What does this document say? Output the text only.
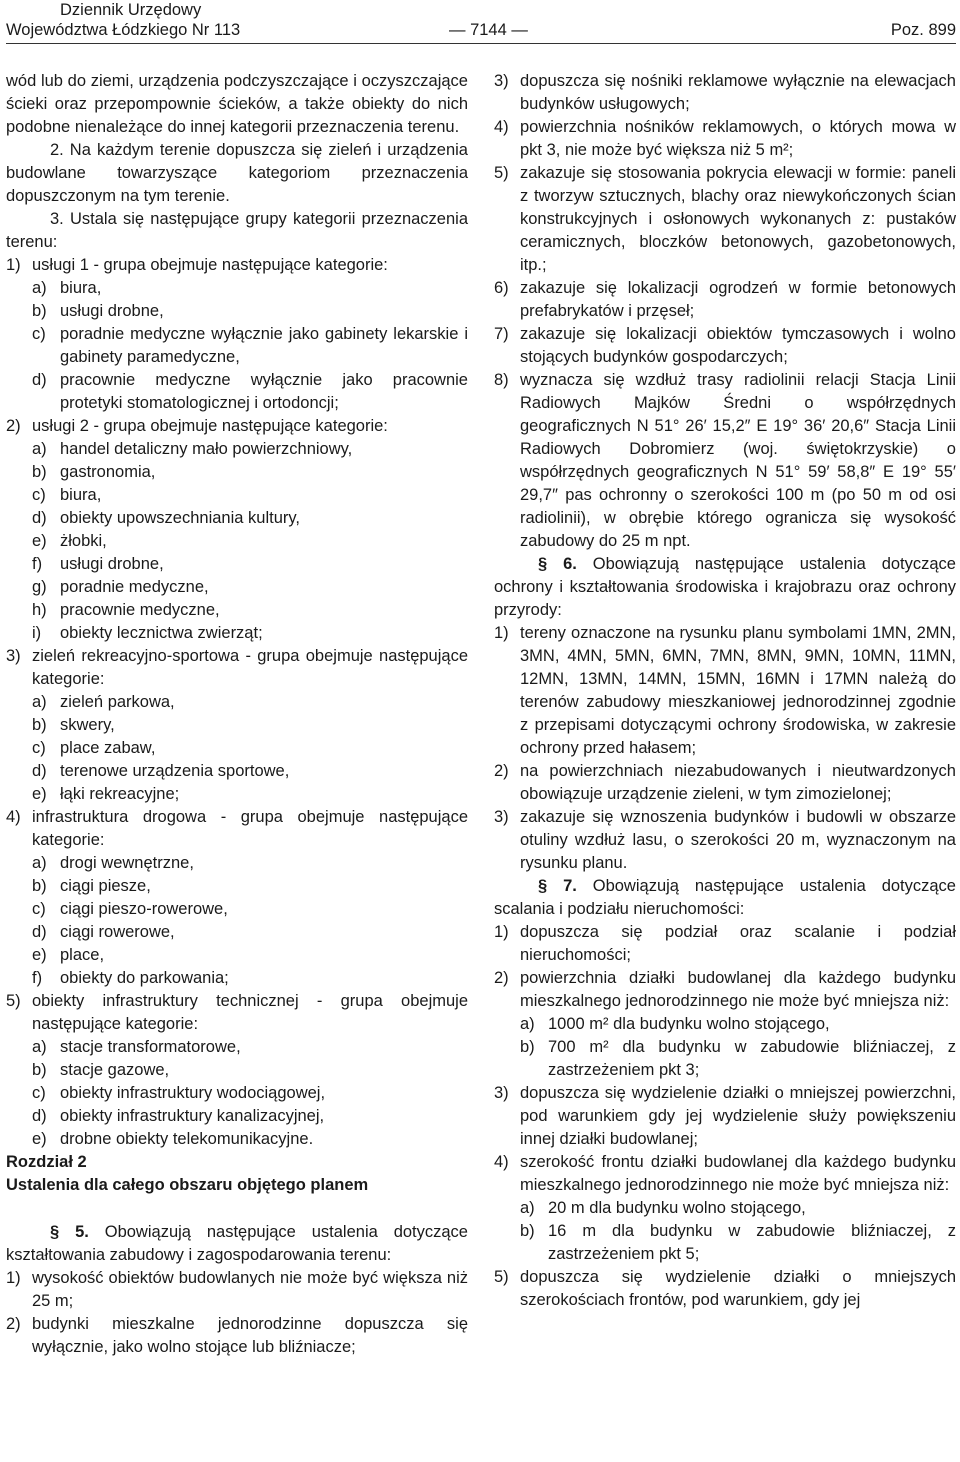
Dziennik Urzędowy
Województwa Łódzkiego Nr 113	— 7144 —	Poz. 899

wód lub do ziemi, urządzenia podczyszczające i oczyszczające ścieki oraz przepompownie ścieków, a także obiekty do nich podobne nienależące do innej kategorii przeznaczenia terenu.

2. Na każdym terenie dopuszcza się zieleń i urządzenia budowlane towarzyszące kategoriom przeznaczenia dopuszczonym na tym terenie.

3. Ustala się następujące grupy kategorii przeznaczenia terenu:

1) usługi 1 - grupa obejmuje następujące kategorie:
a) biura,
b) usługi drobne,
c) poradnie medyczne wyłącznie jako gabinety lekarskie i gabinety paramedyczne,
d) pracownie medyczne wyłącznie jako pracownie protetyki stomatologicznej i ortodoncji;
2) usługi 2 - grupa obejmuje następujące kategorie:
a) handel detaliczny mało powierzchniowy,
b) gastronomia,
c) biura,
d) obiekty upowszechniania kultury,
e) żłobki,
f) usługi drobne,
g) poradnie medyczne,
h) pracownie medyczne,
i) obiekty lecznictwa zwierząt;
3) zieleń rekreacyjno-sportowa - grupa obejmuje następujące kategorie:
a) zieleń parkowa,
b) skwery,
c) place zabaw,
d) terenowe urządzenia sportowe,
e) łąki rekreacyjne;
4) infrastruktura drogowa - grupa obejmuje następujące kategorie:
a) drogi wewnętrzne,
b) ciągi piesze,
c) ciągi pieszo-rowerowe,
d) ciągi rowerowe,
e) place,
f) obiekty do parkowania;
5) obiekty infrastruktury technicznej - grupa obejmuje następujące kategorie:
a) stacje transformatorowe,
b) stacje gazowe,
c) obiekty infrastruktury wodociągowej,
d) obiekty infrastruktury kanalizacyjnej,
e) drobne obiekty telekomunikacyjne.

Rozdział 2

Ustalenia dla całego obszaru objętego planem

§ 5. Obowiązują następujące ustalenia dotyczące kształtowania zabudowy i zagospodarowania terenu:

1) wysokość obiektów budowlanych nie może być większa niż 25 m;
2) budynki mieszkalne jednorodzinne dopuszcza się wyłącznie, jako wolno stojące lub bliźniacze;
3) dopuszcza się nośniki reklamowe wyłącznie na elewacjach budynków usługowych;
4) powierzchnia nośników reklamowych, o których mowa w pkt 3, nie może być większa niż 5 m²;
5) zakazuje się stosowania pokrycia elewacji w formie: paneli z tworzyw sztucznych, blachy oraz niewykończonych ścian konstrukcyjnych i osłonowych wykonanych z: pustaków ceramicznych, bloczków betonowych, gazobetonowych, itp.;
6) zakazuje się lokalizacji ogrodzeń w formie betonowych prefabrykatów i przęseł;
7) zakazuje się lokalizacji obiektów tymczasowych i wolno stojących budynków gospodarczych;
8) wyznacza się wzdłuż trasy radiolinii relacji Stacja Linii Radiowych Majków Średni o współrzędnych geograficznych N 51° 26′ 15,2″ E 19° 36′ 20,6″ Stacja Linii Radiowych Dobromierz (woj. świętokrzyskie) o współrzędnych geograficznych N 51° 59′ 58,8″ E 19° 55′ 29,7″ pas ochronny o szerokości 100 m (po 50 m od osi radiolinii), w obrębie którego ogranicza się wysokość zabudowy do 25 m npt.

§ 6. Obowiązują następujące ustalenia dotyczące ochrony i kształtowania środowiska i krajobrazu oraz ochrony przyrody:

1) tereny oznaczone na rysunku planu symbolami 1MN, 2MN, 3MN, 4MN, 5MN, 6MN, 7MN, 8MN, 9MN, 10MN, 11MN, 12MN, 13MN, 14MN, 15MN, 16MN i 17MN należą do terenów zabudowy mieszkaniowej jednorodzinnej zgodnie z przepisami dotyczącymi ochrony środowiska, w zakresie ochrony przed hałasem;
2) na powierzchniach niezabudowanych i nieutwardzonych obowiązuje urządzenie zieleni, w tym zimozielonej;
3) zakazuje się wznoszenia budynków i budowli w obszarze otuliny wzdłuż lasu, o szerokości 20 m, wyznaczonym na rysunku planu.

§ 7. Obowiązują następujące ustalenia dotyczące scalania i podziału nieruchomości:

1) dopuszcza się podział oraz scalanie i podział nieruchomości;
2) powierzchnia działki budowlanej dla każdego budynku mieszkalnego jednorodzinnego nie może być mniejsza niż:
a) 1000 m² dla budynku wolno stojącego,
b) 700 m² dla budynku w zabudowie bliźniaczej, z zastrzeżeniem pkt 3;
3) dopuszcza się wydzielenie działki o mniejszej powierzchni, pod warunkiem gdy jej wydzielenie służy powiększeniu innej działki budowlanej;
4) szerokość frontu działki budowlanej dla każdego budynku mieszkalnego jednorodzinnego nie może być mniejsza niż:
a) 20 m dla budynku wolno stojącego,
b) 16 m dla budynku w zabudowie bliźniaczej, z zastrzeżeniem pkt 5;
5) dopuszcza się wydzielenie działki o mniejszych szerokościach frontów, pod warunkiem, gdy jej
